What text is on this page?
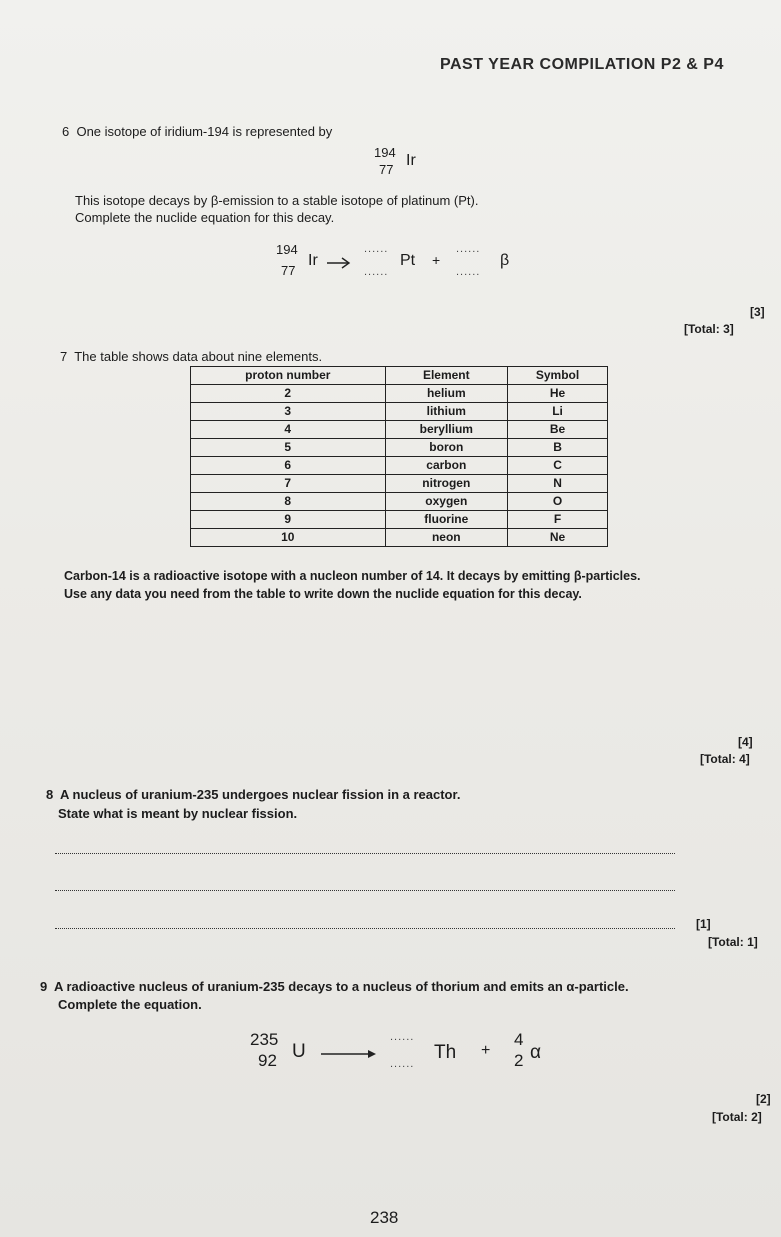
PAST YEAR COMPILATION P2 & P4
6 One isotope of iridium-194 is represented by
194
77
Ir
This isotope decays by β-emission to a stable isotope of platinum (Pt).
Complete the nuclide equation for this decay.
194
77
Ir
......
......
Pt +
......
......
β
[3]
[Total: 3]
7 The table shows data about nine elements.
proton number	Element	Symbol
2	helium	He
3	lithium	Li
4	beryllium	Be
5	boron	B
6	carbon	C
7	nitrogen	N
8	oxygen	O
9	fluorine	F
10	neon	Ne
Carbon-14 is a radioactive isotope with a nucleon number of 14. It decays by emitting β-particles.
Use any data you need from the table to write down the nuclide equation for this decay.
[4]
[Total: 4]
8 A nucleus of uranium-235 undergoes nuclear fission in a reactor.
State what is meant by nuclear fission.
[1]
[Total: 1]
9 A radioactive nucleus of uranium-235 decays to a nucleus of thorium and emits an α-particle.
Complete the equation.
235
92 U
......
......
Th +
4
2 α
[2]
[Total: 2]
238
